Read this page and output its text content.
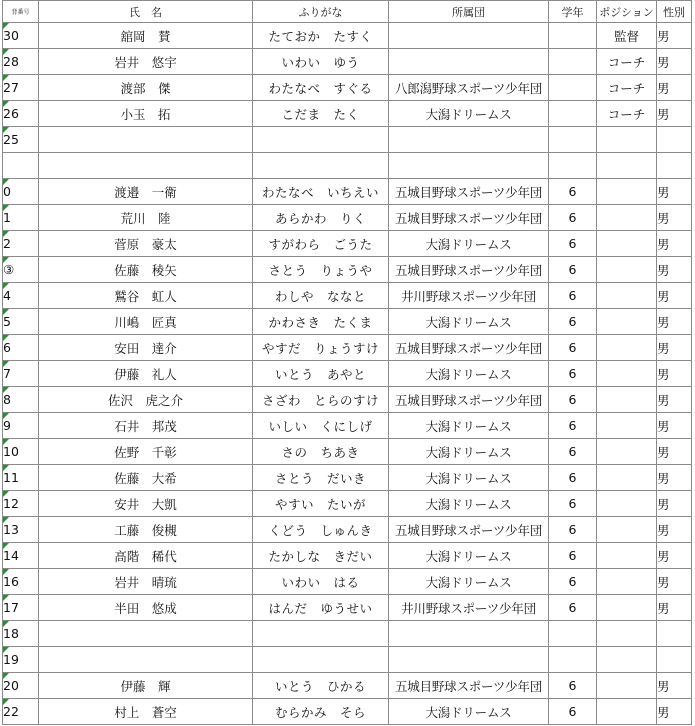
背番号	氏　名	ふりがな	所属団	学年	ポジション	性別
30	舘岡　賛	たておか　たすく			監督	男
28	岩井　悠宇	いわい　ゆう			コーチ	男
27	渡部　傑	わたなべ　すぐる	八郎潟野球スポーツ少年団		コーチ	男
26	小玉　拓	こだま　たく	大潟ドリームス		コーチ	男
25						

0	渡邉　一衛	わたなべ　いちえい	五城目野球スポーツ少年団	6		男
1	荒川　陸	あらかわ　りく	五城目野球スポーツ少年団	6		男
2	菅原　豪太	すがわら　ごうた	大潟ドリームス	6		男
③	佐藤　稜矢	さとう　りょうや	五城目野球スポーツ少年団	6		男
4	鷲谷　虹人	わしや　ななと	井川野球スポーツ少年団	6		男
5	川嶋　匠真	かわさき　たくま	大潟ドリームス	6		男
6	安田　達介	やすだ　りょうすけ	五城目野球スポーツ少年団	6		男
7	伊藤　礼人	いとう　あやと	大潟ドリームス	6		男
8	佐沢　虎之介	さざわ　とらのすけ	五城目野球スポーツ少年団	6		男
9	石井　邦茂	いしい　くにしげ	大潟ドリームス	6		男
10	佐野　千彰	さの　ちあき	大潟ドリームス	6		男
11	佐藤　大希	さとう　だいき	大潟ドリームス	6		男
12	安井　大凱	やすい　たいが	大潟ドリームス	6		男
13	工藤　俊槻	くどう　しゅんき	五城目野球スポーツ少年団	6		男
14	高階　稀代	たかしな　きだい	大潟ドリームス	6		男
16	岩井　晴琉	いわい　はる	大潟ドリームス	6		男
17	半田　悠成	はんだ　ゆうせい	井川野球スポーツ少年団	6		男
18						
19						
20	伊藤　輝	いとう　ひかる	五城目野球スポーツ少年団	6		男
22	村上　蒼空	むらかみ　そら	大潟ドリームス	6		男
